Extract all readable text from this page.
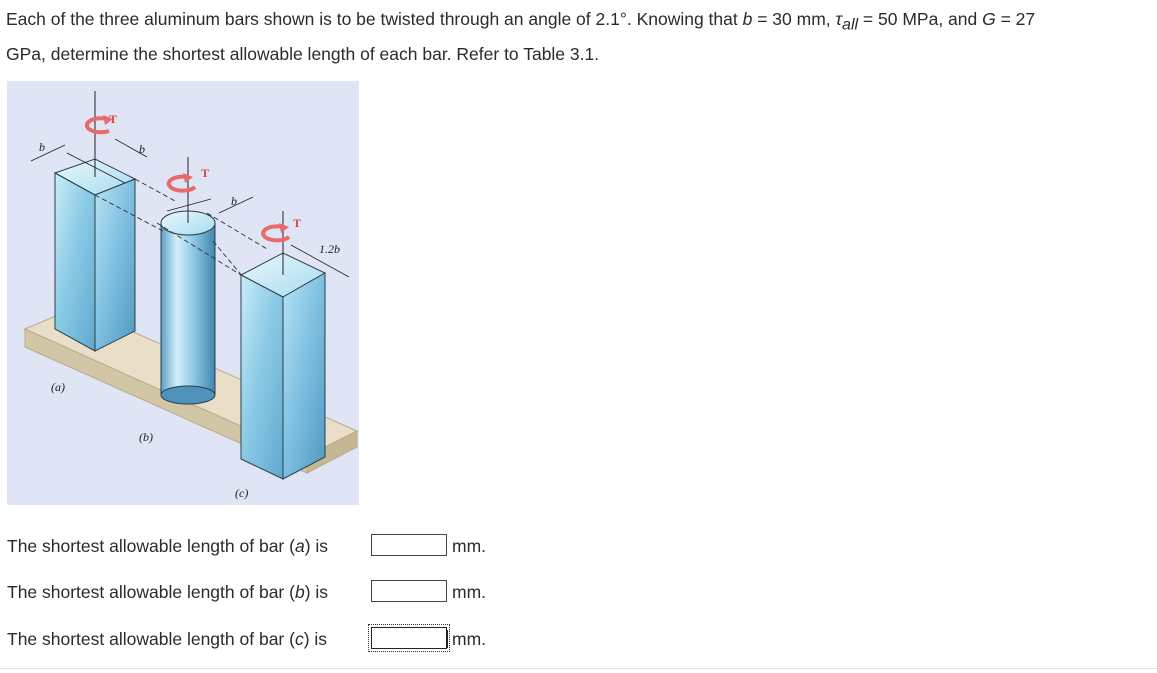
Each of the three aluminum bars shown is to be twisted through an angle of 2.1°. Knowing that b = 30 mm, $\tau_{all} = 50$ MPa, and G = 27
GPa, determine the shortest allowable length of each bar. Refer to Table 3.1.
T
T
T
b	b
b
1.2b
(a)
(b)
(c)
The shortest allowable length of bar (a) is	mm.
The shortest allowable length of bar (b) is	mm.
The shortest allowable length of bar (c) is	mm.
